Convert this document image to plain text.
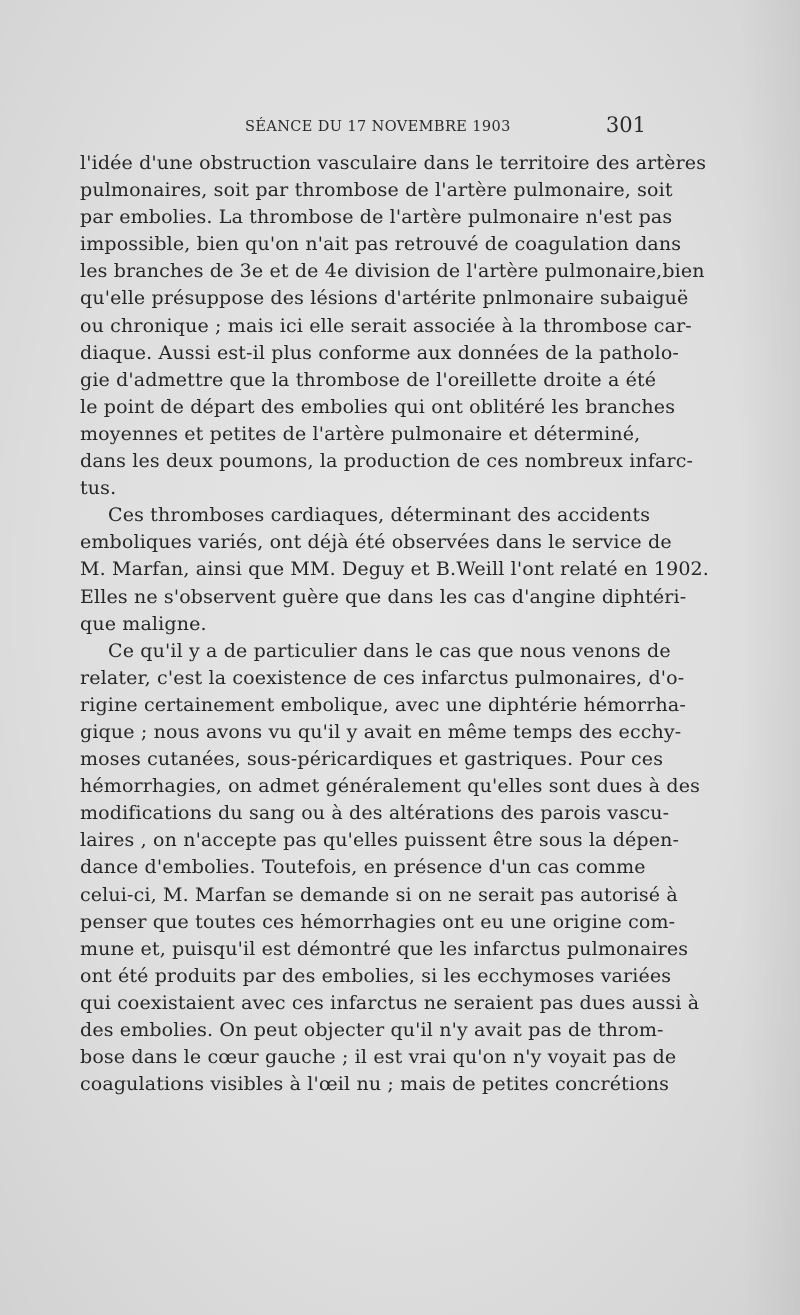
SÉANCE DU 17 NOVEMBRE 1903	301
l'idée d'une obstruction vasculaire dans le territoire des artères
pulmonaires, soit par thrombose de l'artère pulmonaire, soit
par embolies. La thrombose de l'artère pulmonaire n'est pas
impossible, bien qu'on n'ait pas retrouvé de coagulation dans
les branches de 3e et de 4e division de l'artère pulmonaire,bien
qu'elle présuppose des lésions d'artérite pnlmonaire subaiguë
ou chronique ; mais ici elle serait associée à la thrombose car-
diaque. Aussi est-il plus conforme aux données de la patholo-
gie d'admettre que la thrombose de l'oreillette droite a été
le point de départ des embolies qui ont oblitéré les branches
moyennes et petites de l'artère pulmonaire et déterminé,
dans les deux poumons, la production de ces nombreux infarc-
tus.
Ces thromboses cardiaques, déterminant des accidents
emboliques variés, ont déjà été observées dans le service de
M. Marfan, ainsi que MM. Deguy et B.Weill l'ont relaté en 1902.
Elles ne s'observent guère que dans les cas d'angine diphtéri-
que maligne.
Ce qu'il y a de particulier dans le cas que nous venons de
relater, c'est la coexistence de ces infarctus pulmonaires, d'o-
rigine certainement embolique, avec une diphtérie hémorrha-
gique ; nous avons vu qu'il y avait en même temps des ecchy-
moses cutanées, sous-péricardiques et gastriques. Pour ces
hémorrhagies, on admet généralement qu'elles sont dues à des
modifications du sang ou à des altérations des parois vascu-
laires , on n'accepte pas qu'elles puissent être sous la dépen-
dance d'embolies. Toutefois, en présence d'un cas comme
celui-ci, M. Marfan se demande si on ne serait pas autorisé à
penser que toutes ces hémorrhagies ont eu une origine com-
mune et, puisqu'il est démontré que les infarctus pulmonaires
ont été produits par des embolies, si les ecchymoses variées
qui coexistaient avec ces infarctus ne seraient pas dues aussi à
des embolies. On peut objecter qu'il n'y avait pas de throm-
bose dans le cœur gauche ; il est vrai qu'on n'y voyait pas de
coagulations visibles à l'œil nu ; mais de petites concrétions
